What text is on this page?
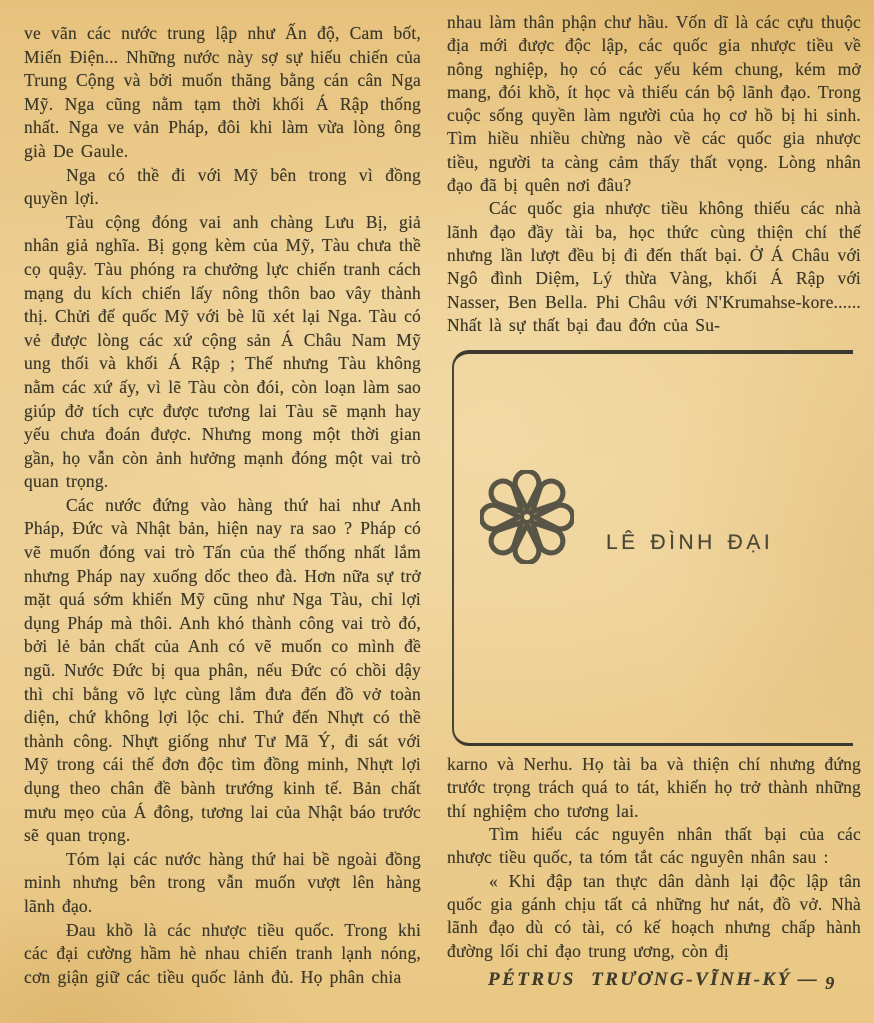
ve vãn các nước trung lập như Ấn độ, Cam bốt, Miến Điện... Những nước này sợ sự hiếu chiến của Trung Cộng và bởi muốn thăng bằng cán cân Nga Mỹ. Nga cũng nằm tạm thời khối Á Rập thống nhất. Nga ve vản Pháp, đôi khi làm vừa lòng ông già De Gaule.

Nga có thề đi với Mỹ bên trong vì đồng quyền lợi.

Tàu cộng đóng vai anh chàng Lưu Bị, giả nhân giả nghĩa. Bị gọng kèm của Mỹ, Tàu chưa thề cọ quậy. Tàu phóng ra chưởng lực chiến tranh cách mạng du kích chiến lấy nông thôn bao vây thành thị. Chửi đế quốc Mỹ với bè lũ xét lại Nga. Tàu có vẻ được lòng các xứ cộng sản Á Châu Nam Mỹ ung thối và khối Á Rập ; Thế nhưng Tàu không nằm các xứ ấy, vì lẽ Tàu còn đói, còn loạn làm sao giúp đở tích cực được tương lai Tàu sẽ mạnh hay yếu chưa đoán được. Nhưng mong một thời gian gần, họ vẫn còn ảnh hưởng mạnh đóng một vai trò quan trọng.

Các nước đứng vào hàng thứ hai như Anh Pháp, Đức và Nhật bản, hiện nay ra sao ? Pháp có vẽ muốn đóng vai trò Tấn của thế thống nhất lắm nhưng Pháp nay xuống dốc theo đà. Hơn nữa sự trở mặt quá sớm khiến Mỹ cũng như Nga Tàu, chỉ lợi dụng Pháp mà thôi. Anh khó thành công vai trò đó, bởi lẻ bản chất của Anh có vẽ muốn co mình đề ngũ. Nước Đức bị qua phân, nếu Đức có chồi dậy thì chỉ bằng võ lực cùng lắm đưa đến đồ vở toàn diện, chứ không lợi lộc chi. Thứ đến Nhựt có thề thành công. Nhựt giống như Tư Mã Ý, đi sát với Mỹ trong cái thế đơn độc tìm đồng minh, Nhựt lợi dụng theo chân đề bành trướng kinh tế. Bản chất mưu mẹo của Á đông, tương lai của Nhật báo trước sẽ quan trọng.

Tóm lại các nước hàng thứ hai bề ngoài đồng minh nhưng bên trong vẫn muốn vượt lên hàng lãnh đạo.

Đau khồ là các nhược tiều quốc. Trong khi các đại cường hầm hè nhau chiến tranh lạnh nóng, cơn giận giữ các tiều quốc lảnh đủ. Họ phân chia

nhau làm thân phận chư hầu. Vốn dĩ là các cựu thuộc địa mới được độc lập, các quốc gia nhược tiều về nông nghiệp, họ có các yếu kém chung, kém mở mang, đói khồ, ít học và thiếu cán bộ lãnh đạo. Trong cuộc sống quyền làm người của họ cơ hồ bị hi sinh. Tìm hiều nhiều chừng nào về các quốc gia nhược tiều, người ta càng cảm thấy thất vọng. Lòng nhân đạo đã bị quên nơi đâu?

Các quốc gia nhược tiều không thiếu các nhà lãnh đạo đầy tài ba, học thức cùng thiện chí thế nhưng lần lượt đều bị đi đến thất bại. Ở Á Châu với Ngô đình Diệm, Lý thừa Vàng, khối Á Rập với Nasser, Ben Bella. Phi Châu với N'Krumahse-kore...... Nhất là sự thất bại đau đớn của Su-

LÊ ĐÌNH ĐẠI

karno và Nerhu. Họ tài ba và thiện chí nhưng đứng trước trọng trách quá to tát, khiến họ trở thành những thí nghiệm cho tương lai.

Tìm hiểu các nguyên nhân thất bại của các nhược tiều quốc, ta tóm tắt các nguyên nhân sau :

« Khi đập tan thực dân dành lại độc lập tân quốc gia gánh chịu tất cả những hư nát, đồ vở. Nhà lãnh đạo dù có tài, có kế hoạch nhưng chấp hành đường lối chỉ đạo trung ương, còn đị

PÉTRUS TRƯƠNG-VĨNH-KÝ — 9
